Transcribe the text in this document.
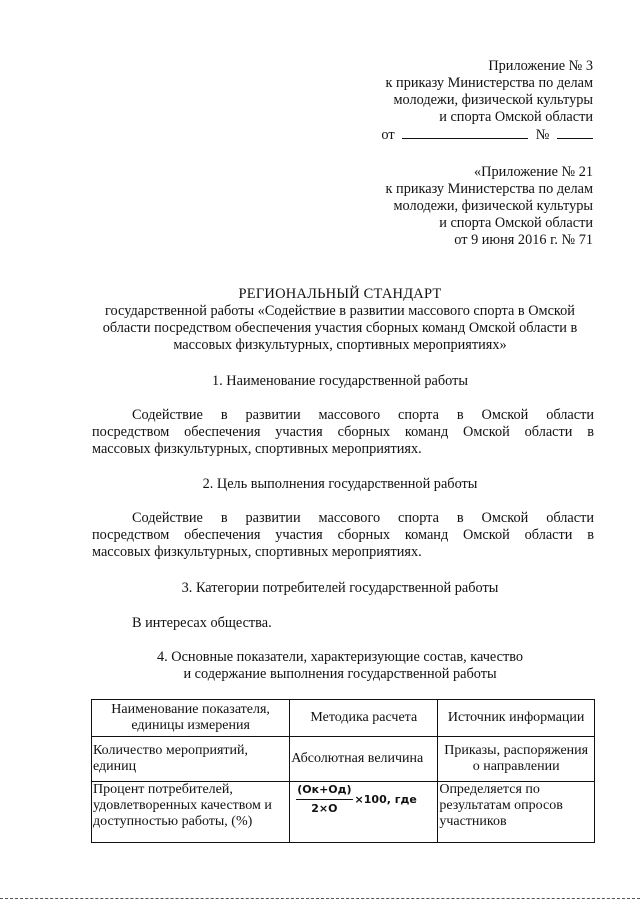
Приложение № 3
к приказу Министерства по делам
молодежи, физической культуры
и спорта Омской области
от	№
«Приложение № 21
к приказу Министерства по делам
молодежи, физической культуры
и спорта Омской области
от 9 июня 2016 г. № 71
РЕГИОНАЛЬНЫЙ СТАНДАРТ
государственной работы «Содействие в развитии массового спорта в Омской
области посредством обеспечения участия сборных команд Омской области в
массовых физкультурных, спортивных мероприятиях»
1. Наименование государственной работы
Содействие в развитии массового спорта в Омской области
посредством обеспечения участия сборных команд Омской области в
массовых физкультурных, спортивных мероприятиях.
2. Цель выполнения государственной работы
Содействие в развитии массового спорта в Омской области
посредством обеспечения участия сборных команд Омской области в
массовых физкультурных, спортивных мероприятиях.
3. Категории потребителей государственной работы
В интересах общества.
4. Основные показатели, характеризующие состав, качество
и содержание выполнения государственной работы
Наименование показателя, единицы измерения	Методика расчета	Источник информации
Количество мероприятий, единиц	Абсолютная величина	Приказы, распоряжения о направлении
Процент потребителей, удовлетворенных качеством и доступностью работы, (%)	$\frac{(Ок+Од)}{2\times О} \times 100$, где	Определяется по результатам опросов участников
